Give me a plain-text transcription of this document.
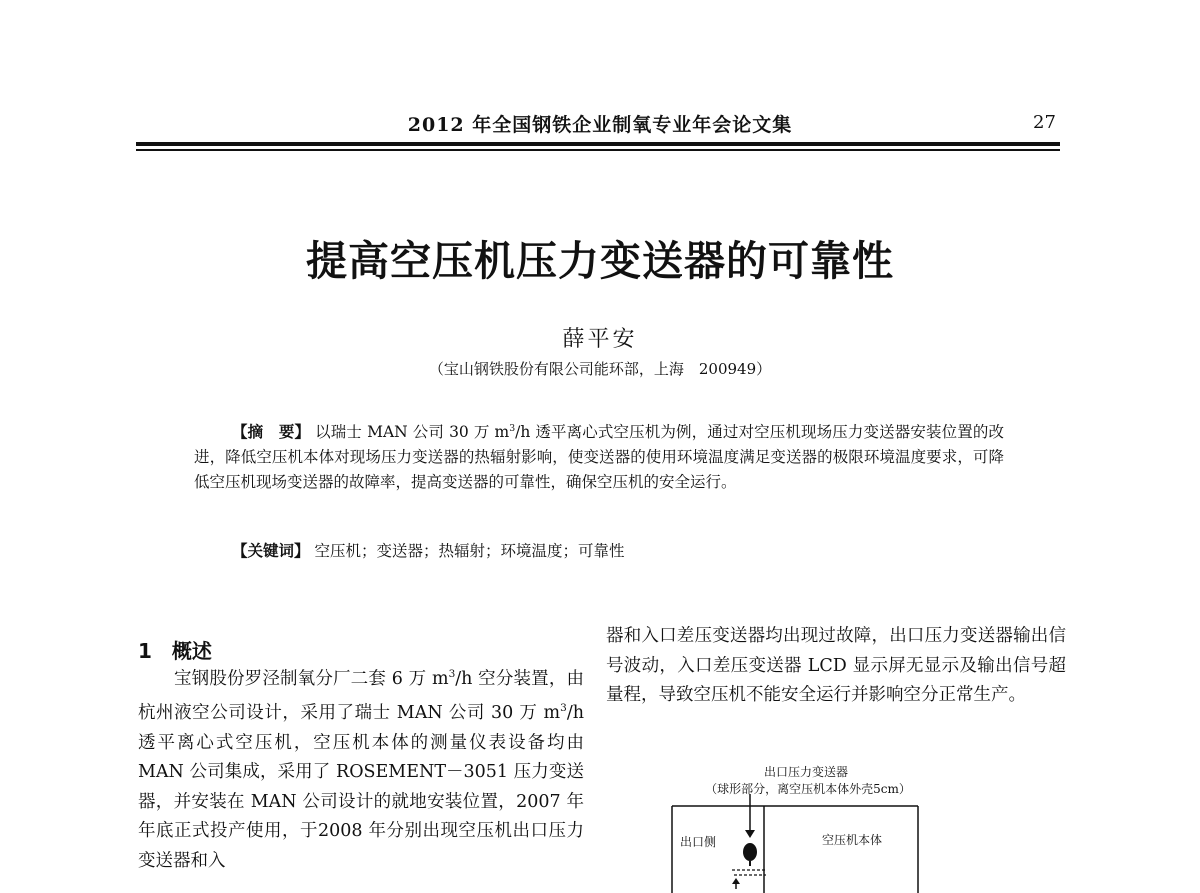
2012 年全国钢铁企业制氧专业年会论文集	27
提高空压机压力变送器的可靠性
薛平安
（宝山钢铁股份有限公司能环部，上海　200949）
【摘　要】 以瑞士 MAN 公司 30 万 $m^3/h$ 透平离心式空压机为例，通过对空压机现场压力变送器安装位置的改进，降低空压机本体对现场压力变送器的热辐射影响，使变送器的使用环境温度满足变送器的极限环境温度要求，可降低空压机现场变送器的故障率，提高变送器的可靠性，确保空压机的安全运行。
【关键词】 空压机；变送器；热辐射；环境温度；可靠性
1　概述
宝钢股份罗泾制氧分厂二套 6 万 $m^3/h$ 空分装置，由杭州液空公司设计，采用了瑞士 MAN 公司 30 万 $m^3/h$ 透平离心式空压机，空压机本体的测量仪表设备均由 MAN 公司集成，采用了 ROSEMENT－3051 压力变送器，并安装在 MAN 公司设计的就地安装位置，2007 年年底正式投产使用，于2008 年分别出现空压机出口压力变送器和入
器和入口差压变送器均出现过故障，出口压力变送器输出信号波动，入口差压变送器 LCD 显示屏无显示及输出信号超量程，导致空压机不能安全运行并影响空分正常生产。
出口压力变送器
（球形部分，离空压机本体外壳5cm）
出口侧	空压机本体
